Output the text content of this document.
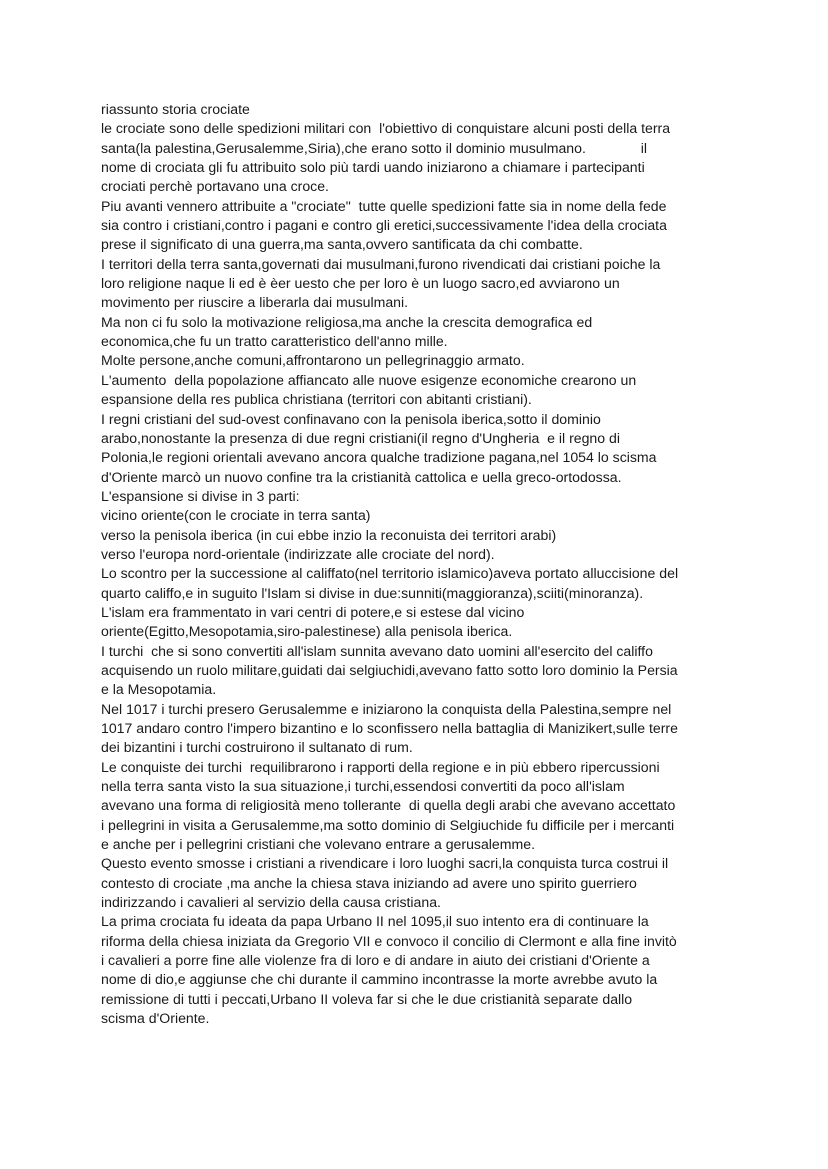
riassunto storia crociate
le crociate sono delle spedizioni militari con  l'obiettivo di conquistare alcuni posti della terra
santa(la palestina,Gerusalemme,Siria),che erano sotto il dominio musulmano.              il
nome di crociata gli fu attribuito solo più tardi uando iniziarono a chiamare i partecipanti
crociati perchè portavano una croce.
Piu avanti vennero attribuite a "crociate"  tutte quelle spedizioni fatte sia in nome della fede
sia contro i cristiani,contro i pagani e contro gli eretici,successivamente l'idea della crociata
prese il significato di una guerra,ma santa,ovvero santificata da chi combatte.
I territori della terra santa,governati dai musulmani,furono rivendicati dai cristiani poiche la
loro religione naque li ed è èer uesto che per loro è un luogo sacro,ed avviarono un
movimento per riuscire a liberarla dai musulmani.
Ma non ci fu solo la motivazione religiosa,ma anche la crescita demografica ed
economica,che fu un tratto caratteristico dell'anno mille.
Molte persone,anche comuni,affrontarono un pellegrinaggio armato.
L'aumento  della popolazione affiancato alle nuove esigenze economiche crearono un
espansione della res publica christiana (territori con abitanti cristiani).
I regni cristiani del sud-ovest confinavano con la penisola iberica,sotto il dominio
arabo,nonostante la presenza di due regni cristiani(il regno d'Ungheria  e il regno di
Polonia,le regioni orientali avevano ancora qualche tradizione pagana,nel 1054 lo scisma
d'Oriente marcò un nuovo confine tra la cristianità cattolica e uella greco-ortodossa.
L'espansione si divise in 3 parti:
vicino oriente(con le crociate in terra santa)
verso la penisola iberica (in cui ebbe inzio la reconuista dei territori arabi)
verso l'europa nord-orientale (indirizzate alle crociate del nord).
Lo scontro per la successione al califfato(nel territorio islamico)aveva portato alluccisione del
quarto califfo,e in suguito l'Islam si divise in due:sunniti(maggioranza),sciiti(minoranza).
L'islam era frammentato in vari centri di potere,e si estese dal vicino
oriente(Egitto,Mesopotamia,siro-palestinese) alla penisola iberica.
I turchi  che si sono convertiti all'islam sunnita avevano dato uomini all'esercito del califfo
acquisendo un ruolo militare,guidati dai selgiuchidi,avevano fatto sotto loro dominio la Persia
e la Mesopotamia.
Nel 1017 i turchi presero Gerusalemme e iniziarono la conquista della Palestina,sempre nel
1017 andaro contro l'impero bizantino e lo sconfissero nella battaglia di Manizikert,sulle terre
dei bizantini i turchi costruirono il sultanato di rum.
Le conquiste dei turchi  requilibrarono i rapporti della regione e in più ebbero ripercussioni
nella terra santa visto la sua situazione,i turchi,essendosi convertiti da poco all'islam
avevano una forma di religiosità meno tollerante  di quella degli arabi che avevano accettato
i pellegrini in visita a Gerusalemme,ma sotto dominio di Selgiuchide fu difficile per i mercanti
e anche per i pellegrini cristiani che volevano entrare a gerusalemme.
Questo evento smosse i cristiani a rivendicare i loro luoghi sacri,la conquista turca costrui il
contesto di crociate ,ma anche la chiesa stava iniziando ad avere uno spirito guerriero
indirizzando i cavalieri al servizio della causa cristiana.
La prima crociata fu ideata da papa Urbano II nel 1095,il suo intento era di continuare la
riforma della chiesa iniziata da Gregorio VII e convoco il concilio di Clermont e alla fine invitò
i cavalieri a porre fine alle violenze fra di loro e di andare in aiuto dei cristiani d'Oriente a
nome di dio,e aggiunse che chi durante il cammino incontrasse la morte avrebbe avuto la
remissione di tutti i peccati,Urbano II voleva far si che le due cristianità separate dallo
scisma d'Oriente.
